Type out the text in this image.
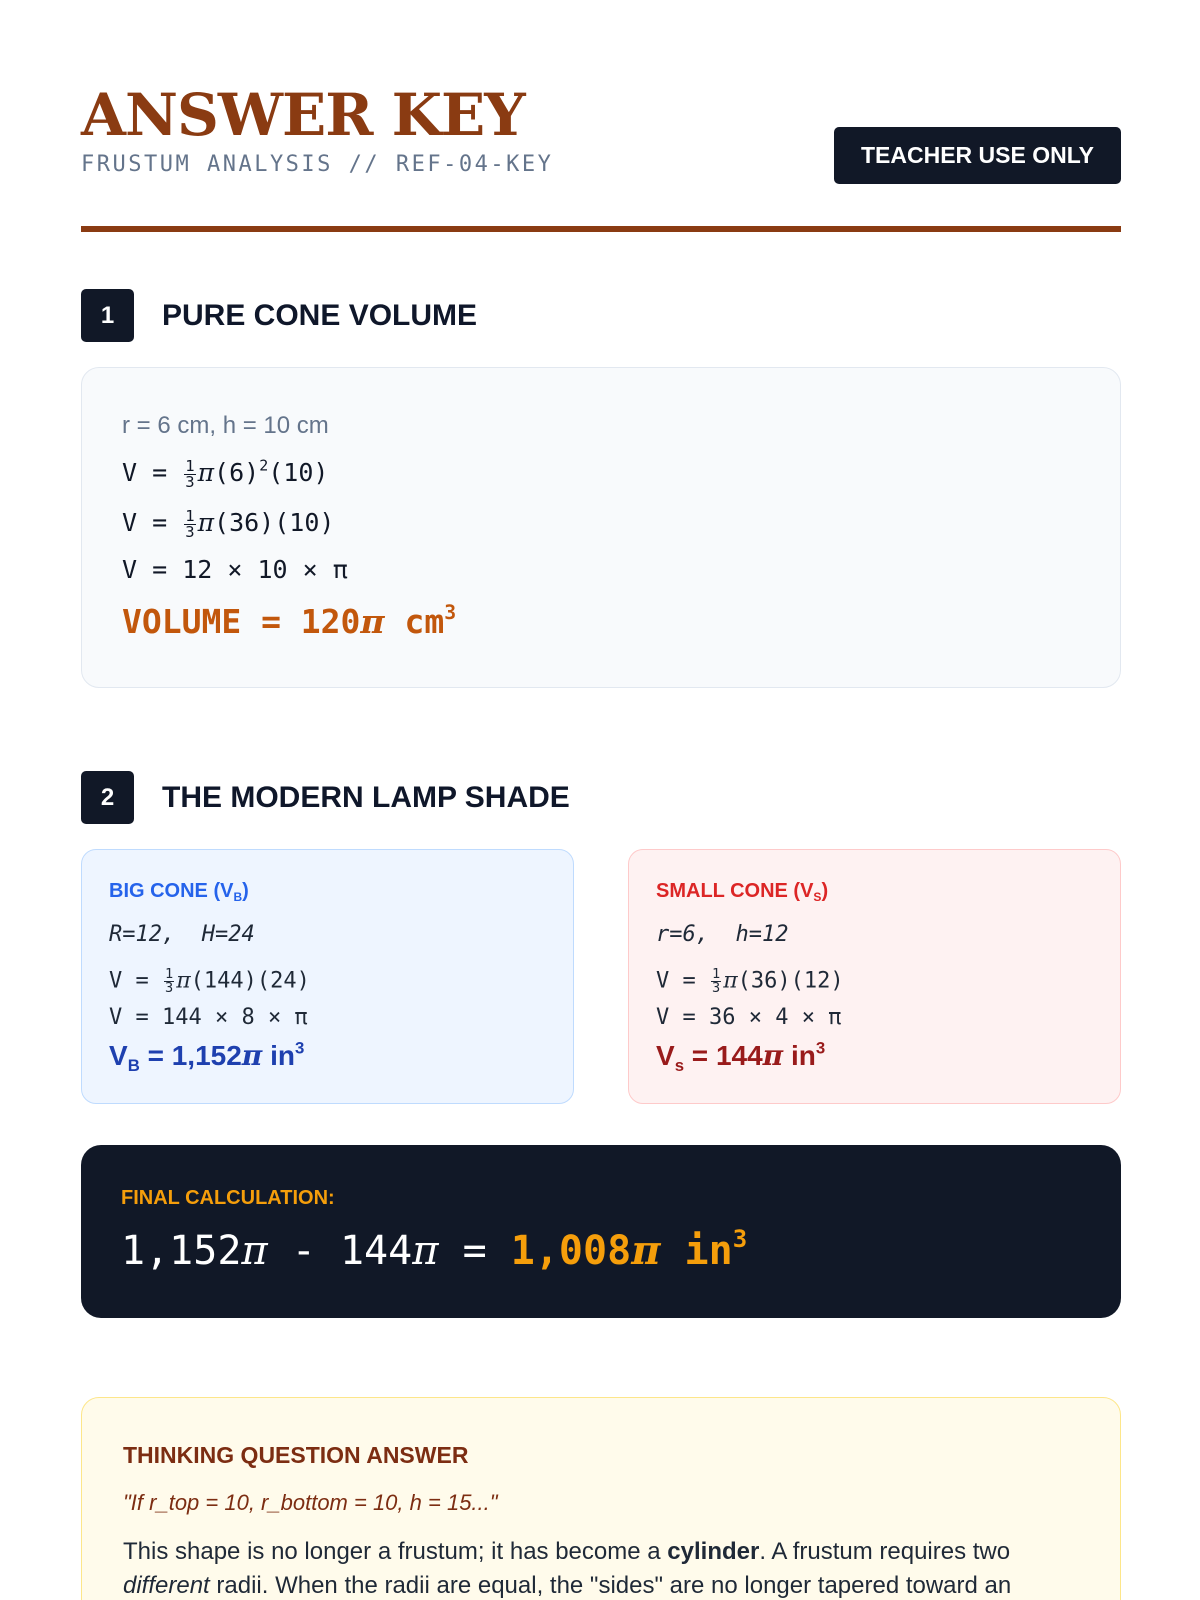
ANSWER KEY
FRUSTUM ANALYSIS // REF-04-KEY	TEACHER USE ONLY
1	PURE CONE VOLUME
r = 6 cm, h = 10 cm
$V = \frac{1}{3} \pi(6)^2(10)$
$V = \frac{1}{3} \pi(36)(10)$
V = 12 × 10 × π
VOLUME = 120π $cm^3$
2	THE MODERN LAMP SHADE
BIG CONE $(V_B)$
R=12,  H=24
$V = \frac{1}{3} \pi(144)(24)$
V = 144 × 8 × π
$V_B = 1,152\pi$ $in^3$
SMALL CONE $(V_S)$
r=6,  h=12
$V = \frac{1}{3} \pi(36)(12)$
V = 36 × 4 × π
$V_s = 144\pi$ $in^3$
FINAL CALCULATION:
1,152π - 144π = 1,008π $in^3$
THINKING QUESTION ANSWER
"If r_top = 10, r_bottom = 10, h = 15..."
This shape is no longer a frustum; it has become a cylinder. A frustum requires two different radii. When the radii are equal, the "sides" are no longer tapered toward an
